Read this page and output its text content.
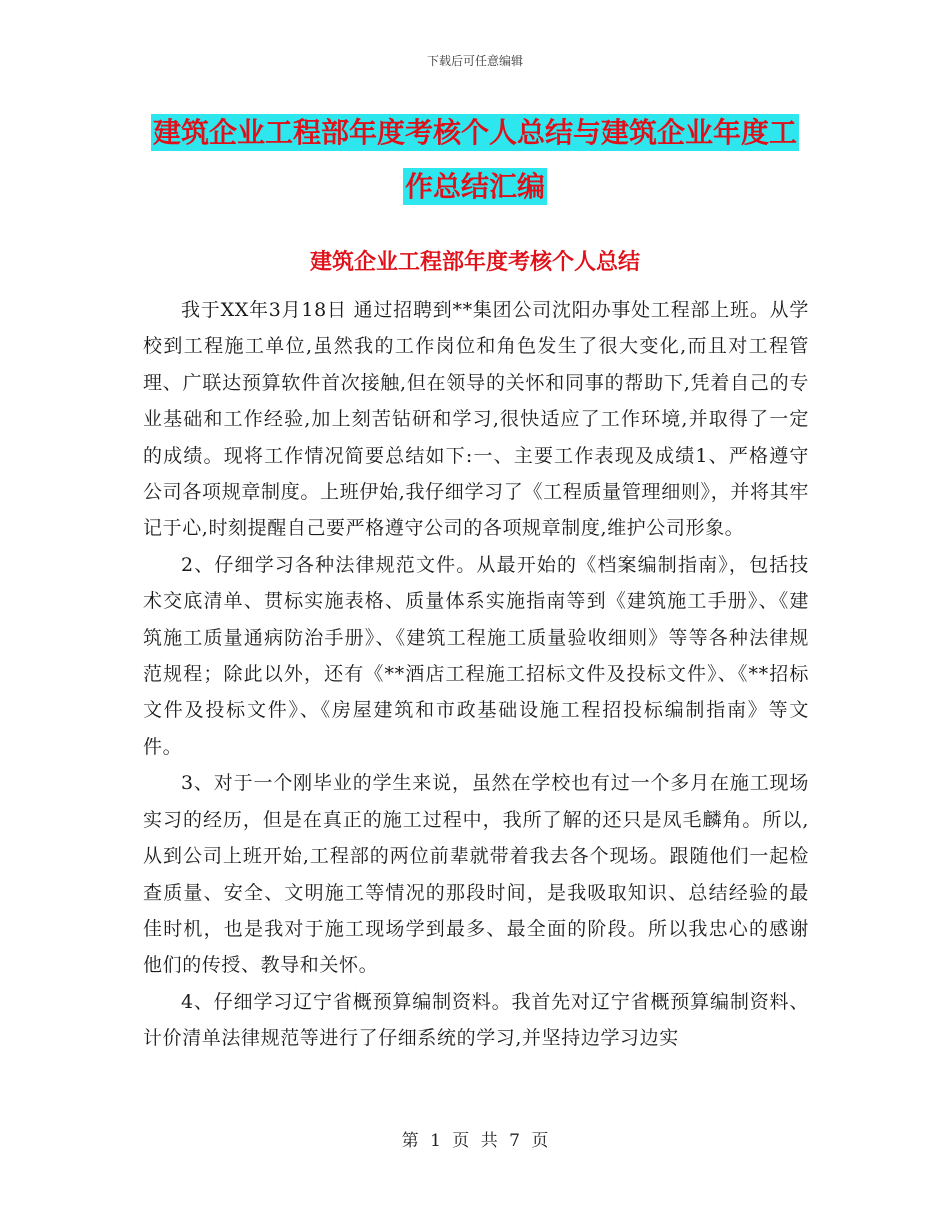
下载后可任意编辑
建筑企业工程部年度考核个人总结与建筑企业年度工
作总结汇编
建筑企业工程部年度考核个人总结

我于XX年3月18日 通过招聘到**集团公司沈阳办事处工程部上班。从学校到工程施工单位,虽然我的工作岗位和角色发生了很大变化,而且对工程管理、广联达预算软件首次接触,但在领导的关怀和同事的帮助下,凭着自己的专业基础和工作经验,加上刻苦钻研和学习,很快适应了工作环境,并取得了一定的成绩。现将工作情况简要总结如下:一、主要工作表现及成绩1、严格遵守公司各项规章制度。上班伊始,我仔细学习了《工程质量管理细则》，并将其牢记于心,时刻提醒自己要严格遵守公司的各项规章制度,维护公司形象。

2、仔细学习各种法律规范文件。从最开始的《档案编制指南》，包括技术交底清单、贯标实施表格、质量体系实施指南等到《建筑施工手册》、《建筑施工质量通病防治手册》、《建筑工程施工质量验收细则》等等各种法律规范规程；除此以外，还有《**酒店工程施工招标文件及投标文件》、《**招标文件及投标文件》、《房屋建筑和市政基础设施工程招投标编制指南》等文件。

3、对于一个刚毕业的学生来说，虽然在学校也有过一个多月在施工现场实习的经历，但是在真正的施工过程中，我所了解的还只是凤毛麟角。所以,从到公司上班开始,工程部的两位前辈就带着我去各个现场。跟随他们一起检查质量、安全、文明施工等情况的那段时间，是我吸取知识、总结经验的最佳时机，也是我对于施工现场学到最多、最全面的阶段。所以我忠心的感谢他们的传授、教导和关怀。

4、仔细学习辽宁省概预算编制资料。我首先对辽宁省概预算编制资料、计价清单法律规范等进行了仔细系统的学习,并坚持边学习边实

第 1 页 共 7 页
